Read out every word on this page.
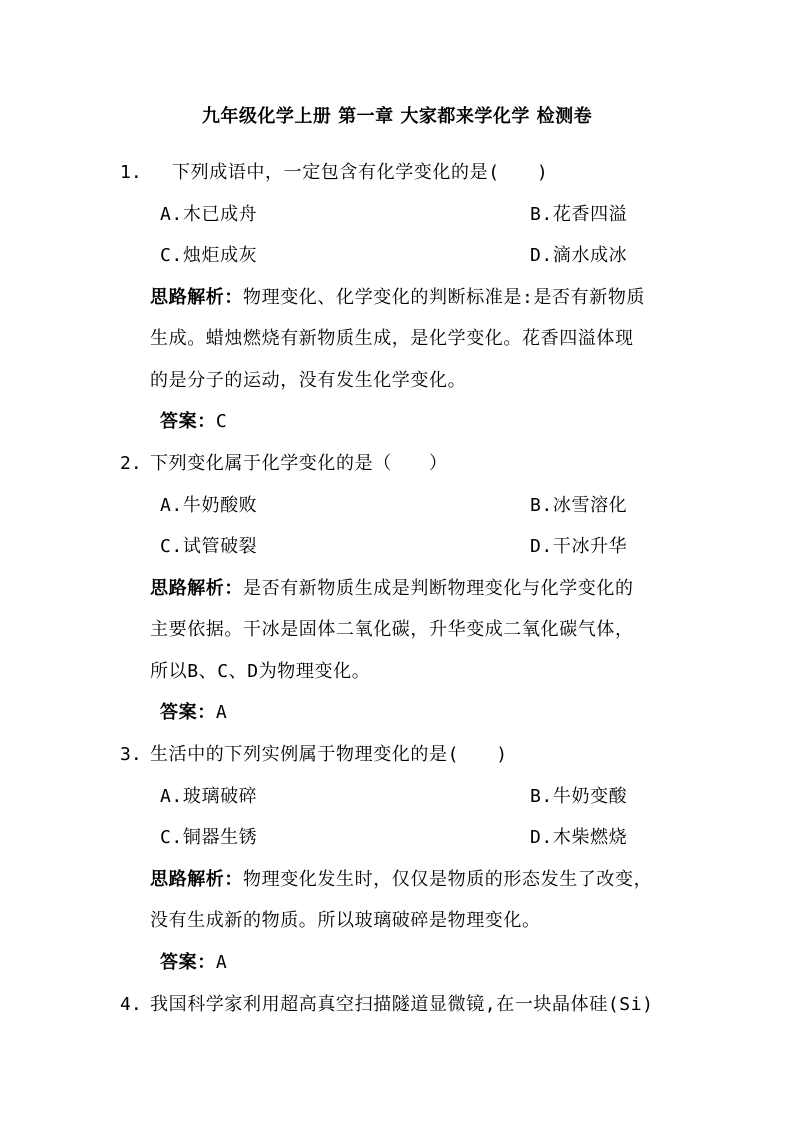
九年级化学上册 第一章 大家都来学化学 检测卷
1. 下列成语中，一定包含有化学变化的是(　　)
A.木已成舟	B.花香四溢
C.烛炬成灰	D.滴水成冰
思路解析：物理变化、化学变化的判断标准是:是否有新物质
生成。蜡烛燃烧有新物质生成，是化学变化。花香四溢体现
的是分子的运动，没有发生化学变化。
答案：C
2. 下列变化属于化学变化的是（　　）
A.牛奶酸败	B.冰雪溶化
C.试管破裂	D.干冰升华
思路解析：是否有新物质生成是判断物理变化与化学变化的
主要依据。干冰是固体二氧化碳，升华变成二氧化碳气体，
所以B、C、D为物理变化。
答案：A
3. 生活中的下列实例属于物理变化的是(　　)
A.玻璃破碎	B.牛奶变酸
C.铜器生锈	D.木柴燃烧
思路解析：物理变化发生时，仅仅是物质的形态发生了改变，
没有生成新的物质。所以玻璃破碎是物理变化。
答案：A
4. 我国科学家利用超高真空扫描隧道显微镜,在一块晶体硅(Si)
